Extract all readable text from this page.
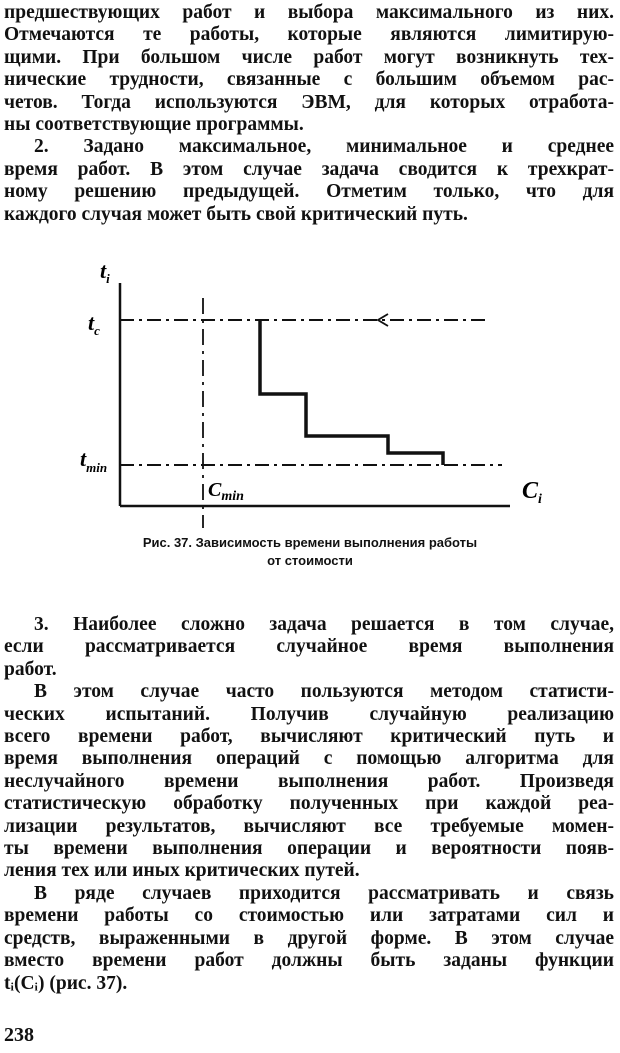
предшествующих работ и выбора максимального из них.
Отмечаются те работы, которые являются лимитирую-
щими. При большом числе работ могут возникнуть тех-
нические трудности, связанные с большим объемом рас-
четов. Тогда используются ЭВМ, для которых отработа-
ны соответствующие программы.
2. Задано максимальное, минимальное и среднее
время работ. В этом случае задача сводится к трехкрат-
ному решению предыдущей. Отметим только, что для
каждого случая может быть свой критический путь.
$t_i$
$t_c$
$t_{min}$
$C_{min}$	$C_i$
Рис. 37. Зависимость времени выполнения работы
от стоимости
3. Наиболее сложно задача решается в том случае,
если рассматривается случайное время выполнения
работ.
В этом случае часто пользуются методом статисти-
ческих испытаний. Получив случайную реализацию
всего времени работ, вычисляют критический путь и
время выполнения операций с помощью алгоритма для
неслучайного времени выполнения работ. Произведя
статистическую обработку полученных при каждой реа-
лизации результатов, вычисляют все требуемые момен-
ты времени выполнения операции и вероятности появ-
ления тех или иных критических путей.
В ряде случаев приходится рассматривать и связь
времени работы со стоимостью или затратами сил и
средств, выраженными в другой форме. В этом случае
вместо времени работ должны быть заданы функции
tᵢ(Cᵢ) (рис. 37).
238
